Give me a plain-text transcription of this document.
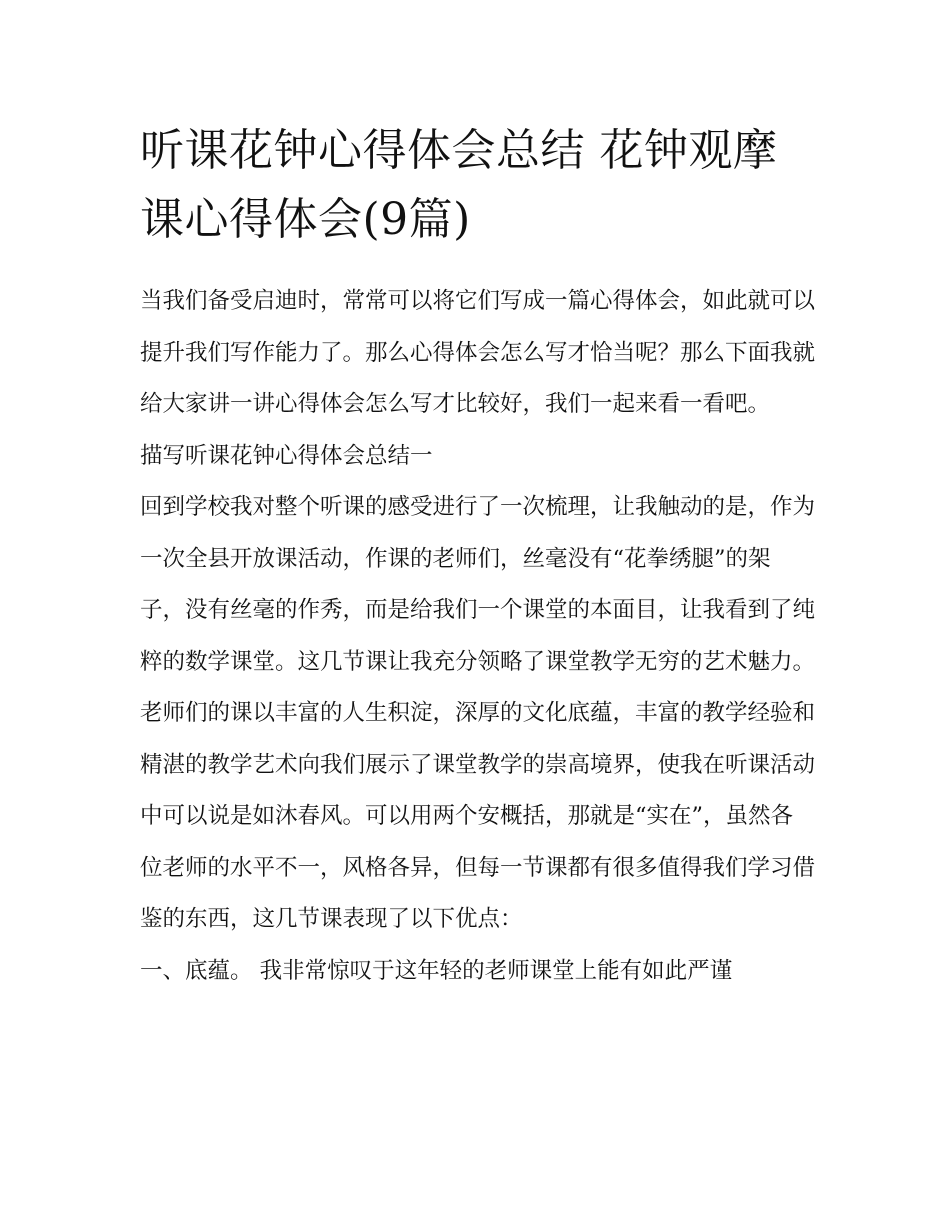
听课花钟心得体会总结 花钟观摩课心得体会(9篇)

当我们备受启迪时，常常可以将它们写成一篇心得体会，如此就可以提升我们写作能力了。那么心得体会怎么写才恰当呢？那么下面我就给大家讲一讲心得体会怎么写才比较好，我们一起来看一看吧。

描写听课花钟心得体会总结一

回到学校我对整个听课的感受进行了一次梳理，让我触动的是，作为一次全县开放课活动，作课的老师们，丝毫没有“花拳绣腿”的架子，没有丝毫的作秀，而是给我们一个课堂的本面目，让我看到了纯粹的数学课堂。这几节课让我充分领略了课堂教学无穷的艺术魅力。老师们的课以丰富的人生积淀，深厚的文化底蕴，丰富的教学经验和精湛的教学艺术向我们展示了课堂教学的崇高境界，使我在听课活动中可以说是如沐春风。可以用两个安概括，那就是“实在”，虽然各位老师的水平不一，风格各异，但每一节课都有很多值得我们学习借鉴的东西，这几节课表现了以下优点：

一、底蕴。 我非常惊叹于这年轻的老师课堂上能有如此严谨
